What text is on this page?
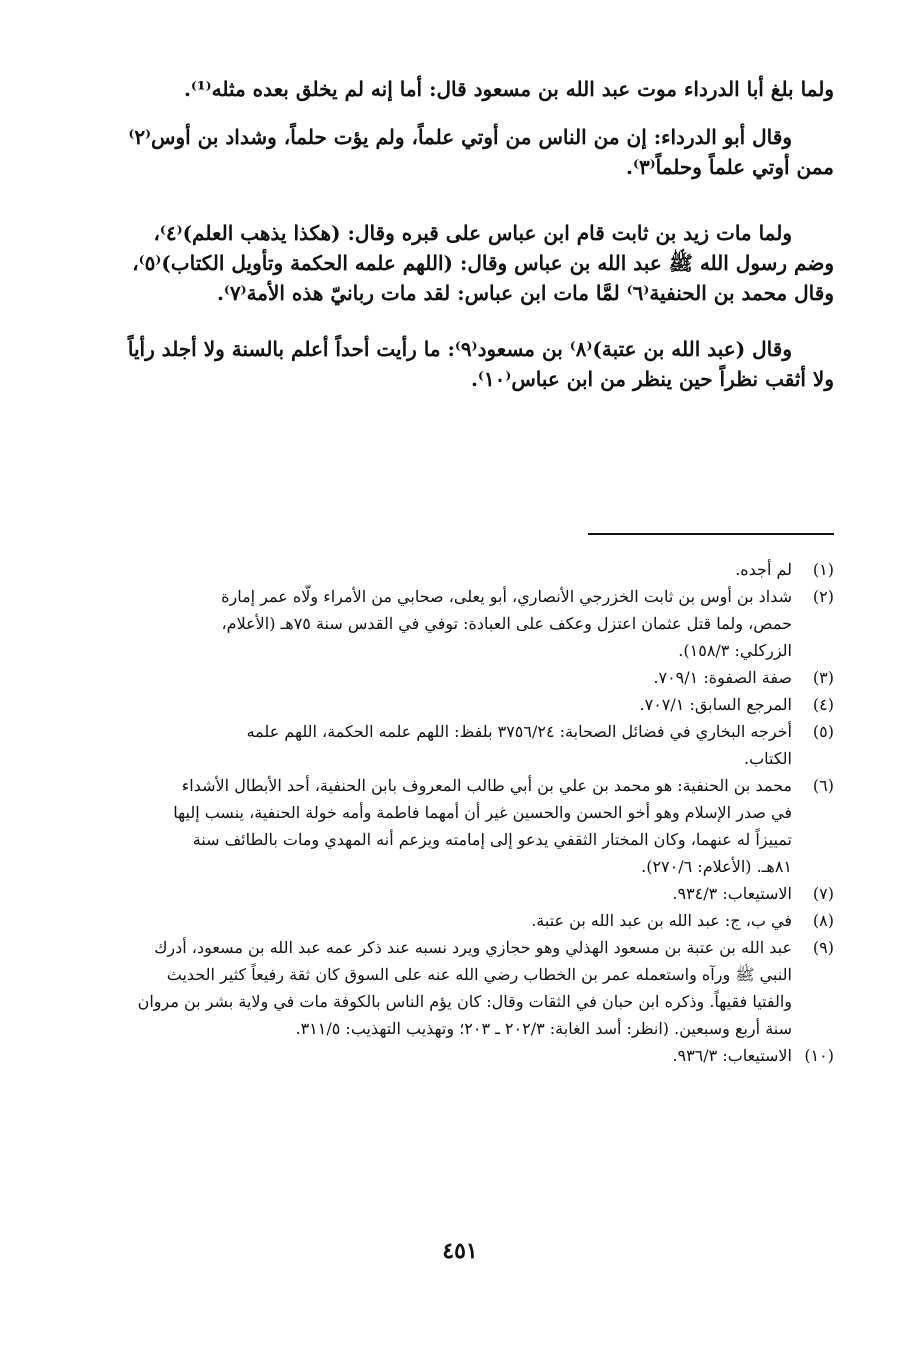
ولما بلغ أبا الدرداء موت عبد الله بن مسعود قال: أما إنه لم يخلق بعده مثله⁽¹⁾.

وقال أبو الدرداء: إن من الناس من أوتي علماً، ولم يؤت حلماً، وشداد بن أوس⁽٢⁾
ممن أوتي علماً وحلماً⁽٣⁾.

ولما مات زيد بن ثابت قام ابن عباس على قبره وقال: (هكذا يذهب العلم)⁽٤⁾،
وضم رسول الله ﷺ عبد الله بن عباس وقال: (اللهم علمه الحكمة وتأويل الكتاب)⁽٥⁾،
وقال محمد بن الحنفية⁽٦⁾ لمَّا مات ابن عباس: لقد مات ربانيّ هذه الأمة⁽٧⁾.

وقال (عبد الله بن عتبة)⁽٨⁾ بن مسعود⁽٩⁾: ما رأيت أحداً أعلم بالسنة ولا أجلد رأياً
ولا أثقب نظراً حين ينظر من ابن عباس⁽١٠⁾.

(١)
لم أجده.
(٢)
شداد بن أوس بن ثابت الخزرجي الأنصاري، أبو يعلى، صحابي من الأمراء ولّاه عمر إمارة
حمص، ولما قتل عثمان اعتزل وعكف على العبادة: توفي في القدس سنة ٧٥هـ (الأعلام،
الزركلي: ١٥٨/٣).
(٣)
صفة الصفوة: ٧٠٩/١.
(٤)
المرجع السابق: ٧٠٧/١.
(٥)
أخرجه البخاري في فضائل الصحابة: ٣٧٥٦/٢٤ بلفظ: اللهم علمه الحكمة، اللهم علمه
الكتاب.
(٦)
محمد بن الحنفية: هو محمد بن علي بن أبي طالب المعروف بابن الحنفية، أحد الأبطال الأشداء
في صدر الإسلام وهو أخو الحسن والحسين غير أن أمهما فاطمة وأمه خولة الحنفية، ينسب إليها
تمييزاً له عنهما، وكان المختار الثقفي يدعو إلى إمامته ويزعم أنه المهدي ومات بالطائف سنة
٨١هـ. (الأعلام: ٢٧٠/٦).
(٧)
الاستيعاب: ٩٣٤/٣.
(٨)
في ب، ج: عبد الله بن عبد الله بن عتبة.
(٩)
عبد الله بن عتبة بن مسعود الهذلي وهو حجازي ويرد نسبه عند ذكر عمه عبد الله بن مسعود، أدرك
النبي ﷺ ورآه واستعمله عمر بن الخطاب رضي الله عنه على السوق كان ثقة رفيعاً كثير الحديث
والفتيا فقيهاً. وذكره ابن حبان في الثقات وقال: كان يؤم الناس بالكوفة مات في ولاية بشر بن مروان
سنة أربع وسبعين. (انظر: أسد الغابة: ٢٠٢/٣ ـ ٢٠٣؛ وتهذيب التهذيب: ٣١١/٥.
(١٠)
الاستيعاب: ٩٣٦/٣.
٤٥١
